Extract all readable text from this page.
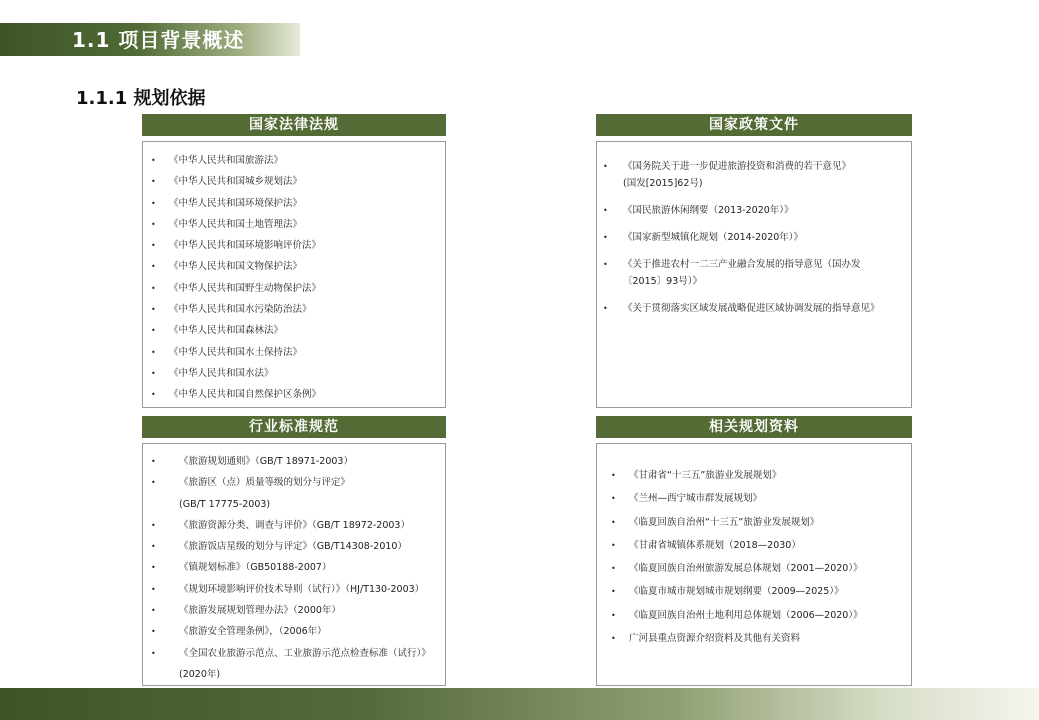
1.1 项目背景概述
1.1.1 规划依据
国家法律法规
• 《中华人民共和国旅游法》
• 《中华人民共和国城乡规划法》
• 《中华人民共和国环境保护法》
• 《中华人民共和国土地管理法》
• 《中华人民共和国环境影响评价法》
• 《中华人民共和国文物保护法》
• 《中华人民共和国野生动物保护法》
• 《中华人民共和国水污染防治法》
• 《中华人民共和国森林法》
• 《中华人民共和国水土保持法》
• 《中华人民共和国水法》
• 《中华人民共和国自然保护区条例》
国家政策文件
• 《国务院关于进一步促进旅游投资和消费的若干意见》
(国发[2015]62号)
• 《国民旅游休闲纲要（2013-2020年）》
• 《国家新型城镇化规划（2014-2020年）》
• 《关于推进农村一二三产业融合发展的指导意见（国办发
〔2015〕93号）》
• 《关于贯彻落实区域发展战略促进区域协调发展的指导意见》
行业标准规范
• 《旅游规划通则》（GB/T 18971-2003）
• 《旅游区（点）质量等级的划分与评定》
(GB/T 17775-2003)
• 《旅游资源分类、调查与评价》（GB/T 18972-2003）
• 《旅游饭店星级的划分与评定》（GB/T14308-2010）
• 《镇规划标准》（GB50188-2007）
• 《规划环境影响评价技术导则（试行）》（HJ/T130-2003）
• 《旅游发展规划管理办法》（2000年）
• 《旅游安全管理条例》，（2006年）
• 《全国农业旅游示范点、工业旅游示范点检查标准（试行）》
(2020年)
相关规划资料
• 《甘肃省“十三五”旅游业发展规划》
• 《兰州—西宁城市群发展规划》
• 《临夏回族自治州“十三五”旅游业发展规划》
• 《甘肃省城镇体系规划（2018—2030）
• 《临夏回族自治州旅游发展总体规划（2001—2020）》
• 《临夏市城市规划城市规划纲要（2009—2025）》
• 《临夏回族自治州土地利用总体规划（2006—2020）》
• 广河县重点资源介绍资料及其他有关资料
